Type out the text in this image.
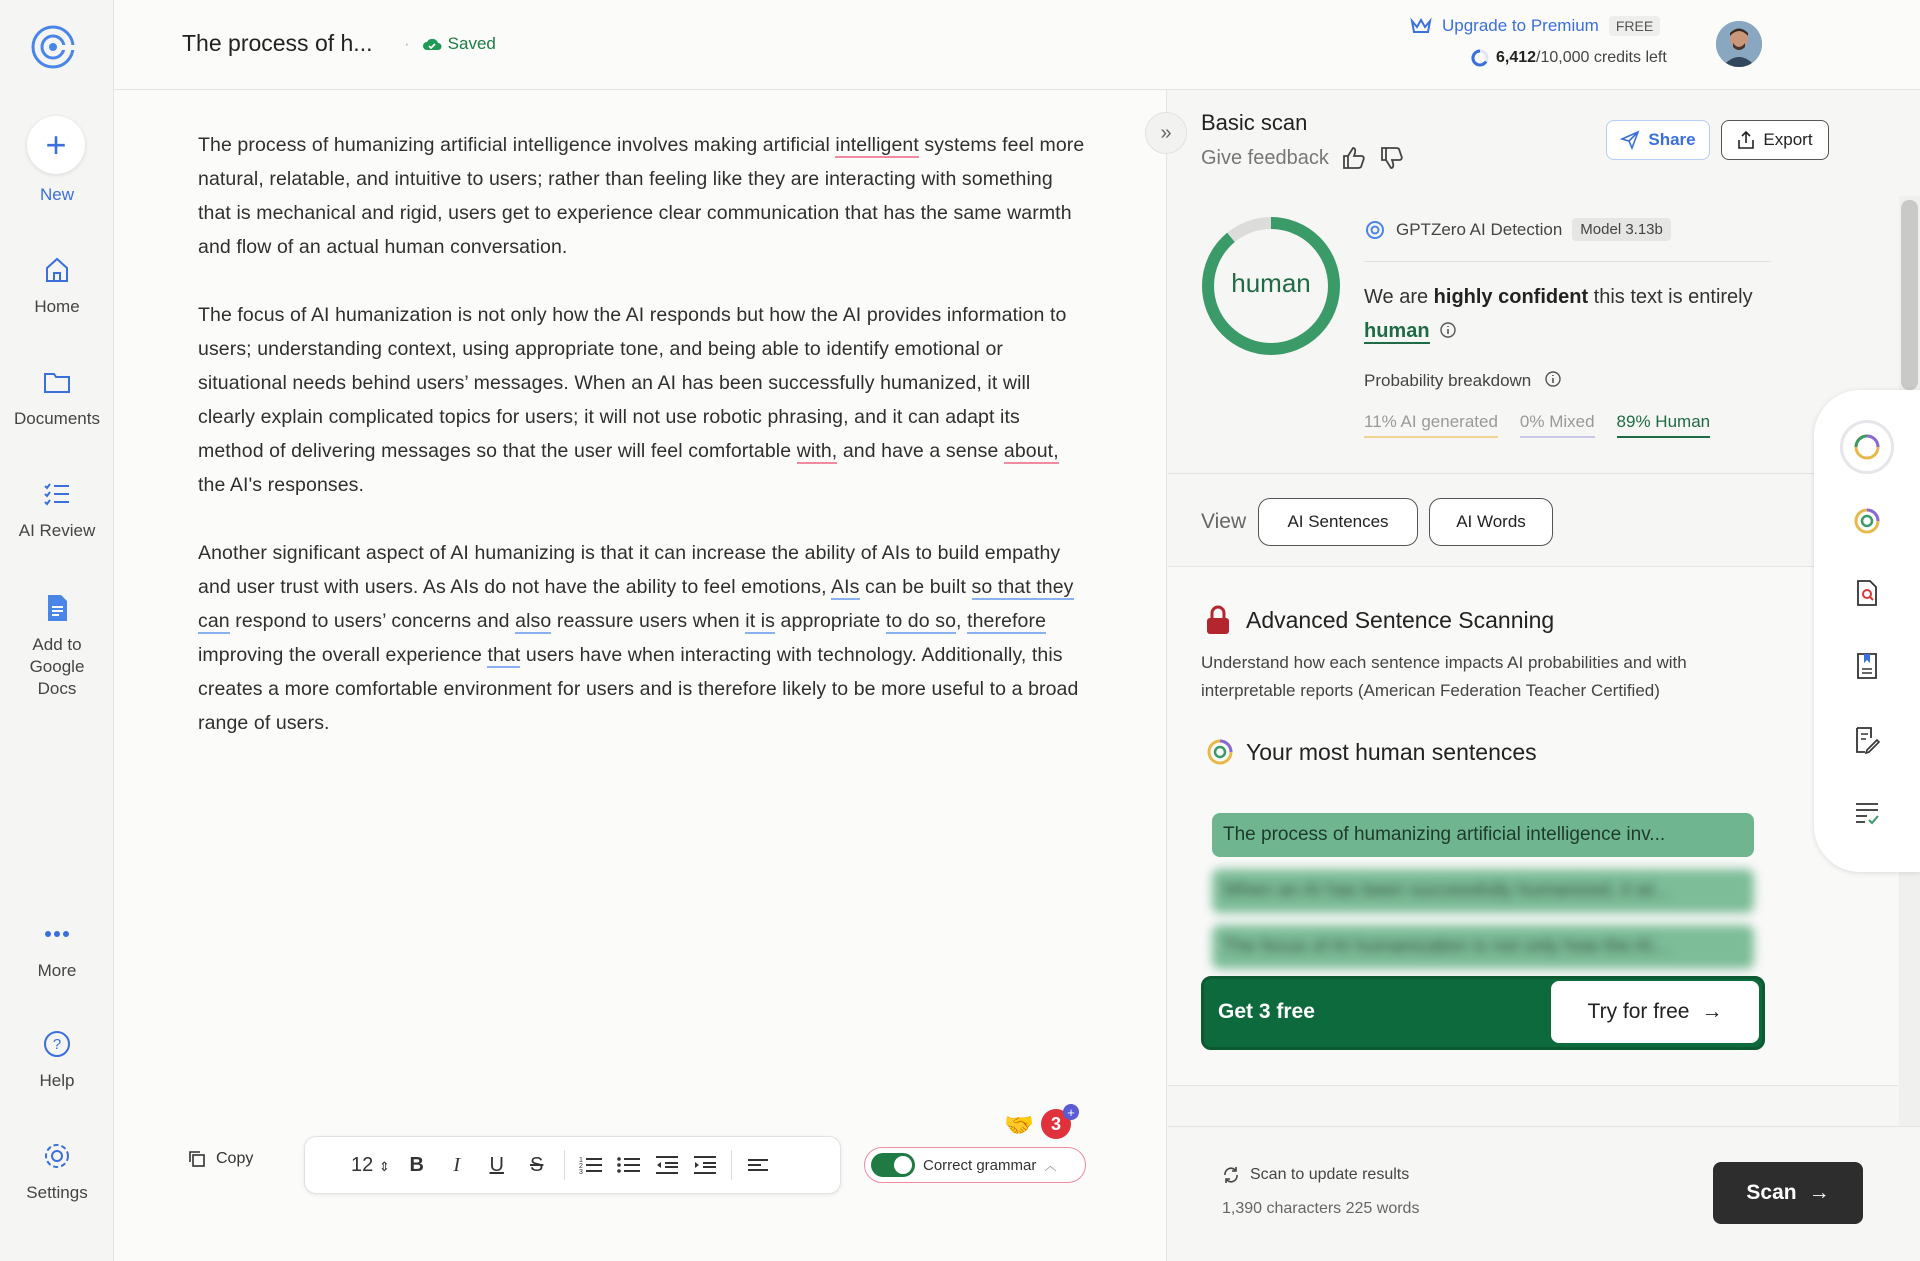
+
New
Home
Documents
AI Review
Add to Google Docs
More
?
Help
Settings
The process of h... · Saved
Upgrade to Premium	FREE
6,412/10,000 credits left

The process of humanizing artificial intelligence involves making artificial intelligent systems feel more natural, relatable, and intuitive to users; rather than feeling like they are interacting with something that is mechanical and rigid, users get to experience clear communication that has the same warmth and flow of an actual human conversation.

The focus of AI humanization is not only how the AI responds but how the AI provides information to users; understanding context, using appropriate tone, and being able to identify emotional or situational needs behind users’ messages. When an AI has been successfully humanized, it will clearly explain complicated topics for users; it will not use robotic phrasing, and it can adapt its method of delivering messages so that the user will feel comfortable with, and have a sense about, the AI's responses.

Another significant aspect of AI humanizing is that it can increase the ability of AIs to build empathy and user trust with users. As AIs do not have the ability to feel emotions, AIs can be built so that they can respond to users’ concerns and also reassure users when it is appropriate to do so, therefore improving the overall experience that users have when interacting with technology. Additionally, this creates a more comfortable environment for users and is therefore likely to be more useful to a broad range of users.

Copy	12 ⇕ B	I	U	S	1
2
3	Correct grammar ︿
🤝 3
+
» Basic scan
Give feedback
Share	Export
human
GPTZero AI Detection	Model 3.13b
We are highly confident this text is entirely human
Probability breakdown
11% AI generated 0% Mixed 89% Human
View	AI Sentences	AI Words
Advanced Sentence Scanning
Understand how each sentence impacts AI probabilities and with interpretable reports (American Federation Teacher Certified)
Your most human sentences
The process of humanizing artificial intelligence inv...
When an AI has been successfully humanized, it wi...
The focus of AI humanization is not only how the AI...
Get 3 free	Try for free →
Scan to update results
1,390 characters 225 words
Scan →
